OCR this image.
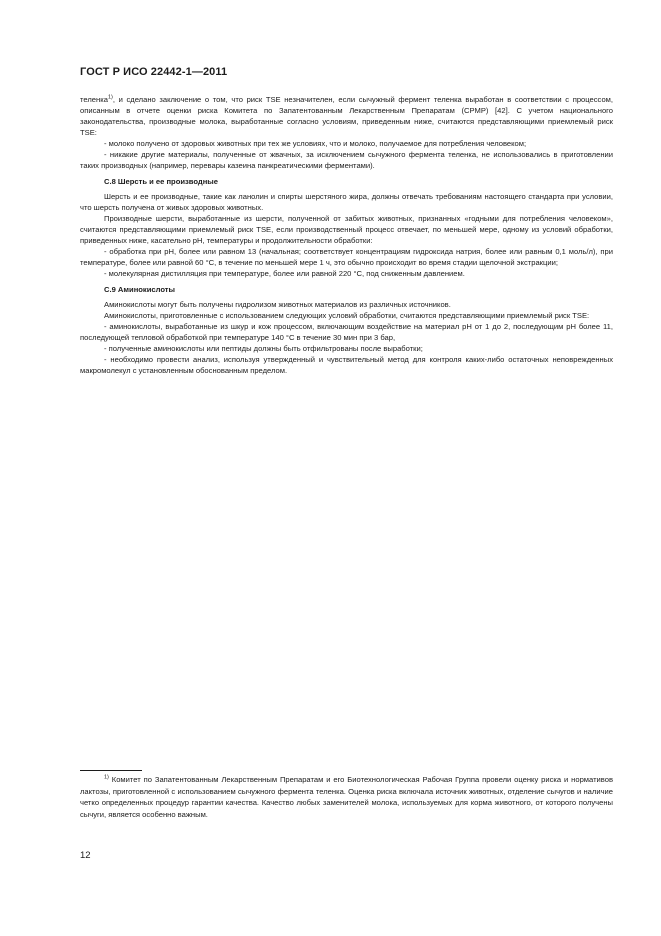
ГОСТ Р ИСО 22442-1—2011

теленка$^{1)}$, и сделано заключение о том, что риск TSE незначителен, если сычужный фермент теленка выработан в соответствии с процессом, описанным в отчете оценки риска Комитета по Запатентованным Лекарственным Препаратам (CPMP) [42]. С учетом национального законодательства, производные молока, выработанные согласно условиям, приведенным ниже, считаются представляющими приемлемый риск TSE:

- молоко получено от здоровых животных при тех же условиях, что и молоко, получаемое для потребления человеком;

- никакие другие материалы, полученные от жвачных, за исключением сычужного фермента теленка, не использовались в приготовлении таких производных (например, перевары казеина панкреатическими ферментами).

С.8 Шерсть и ее производные

Шерсть и ее производные, такие как ланолин и спирты шерстяного жира, должны отвечать требованиям настоящего стандарта при условии, что шерсть получена от живых здоровых животных.

Производные шерсти, выработанные из шерсти, полученной от забитых животных, признанных «годными для потребления человеком», считаются представляющими приемлемый риск TSE, если производственный процесс отвечает, по меньшей мере, одному из условий обработки, приведенных ниже, касательно pH, температуры и продолжительности обработки:

- обработка при pH, более или равном 13 (начальная; соответствует концентрациям гидроксида натрия, более или равным 0,1 моль/л), при температуре, более или равной 60 °С, в течение по меньшей мере 1 ч, это обычно происходит во время стадии щелочной экстракции;

- молекулярная дистилляция при температуре, более или равной 220 °С, под сниженным давлением.

С.9 Аминокислоты

Аминокислоты могут быть получены гидролизом животных материалов из различных источников.

Аминокислоты, приготовленные с использованием следующих условий обработки, считаются представляющими приемлемый риск TSE:

- аминокислоты, выработанные из шкур и кож процессом, включающим воздействие на материал pH от 1 до 2, последующим pH более 11, последующей тепловой обработкой при температуре 140 °С в течение 30 мин при 3 бар,

- полученные аминокислоты или пептиды должны быть отфильтрованы после выработки;

- необходимо провести анализ, используя утвержденный и чувствительный метод для контроля каких-либо остаточных неповрежденных макромолекул с установленным обоснованным пределом.

$^{1)}$ Комитет по Запатентованным Лекарственным Препаратам и его Биотехнологическая Рабочая Группа провели оценку риска и нормативов лактозы, приготовленной с использованием сычужного фермента теленка. Оценка риска включала источник животных, отделение сычугов и наличие четко определенных процедур гарантии качества. Качество любых заменителей молока, используемых для корма животного, от которого получены сычуги, является особенно важным.

12
